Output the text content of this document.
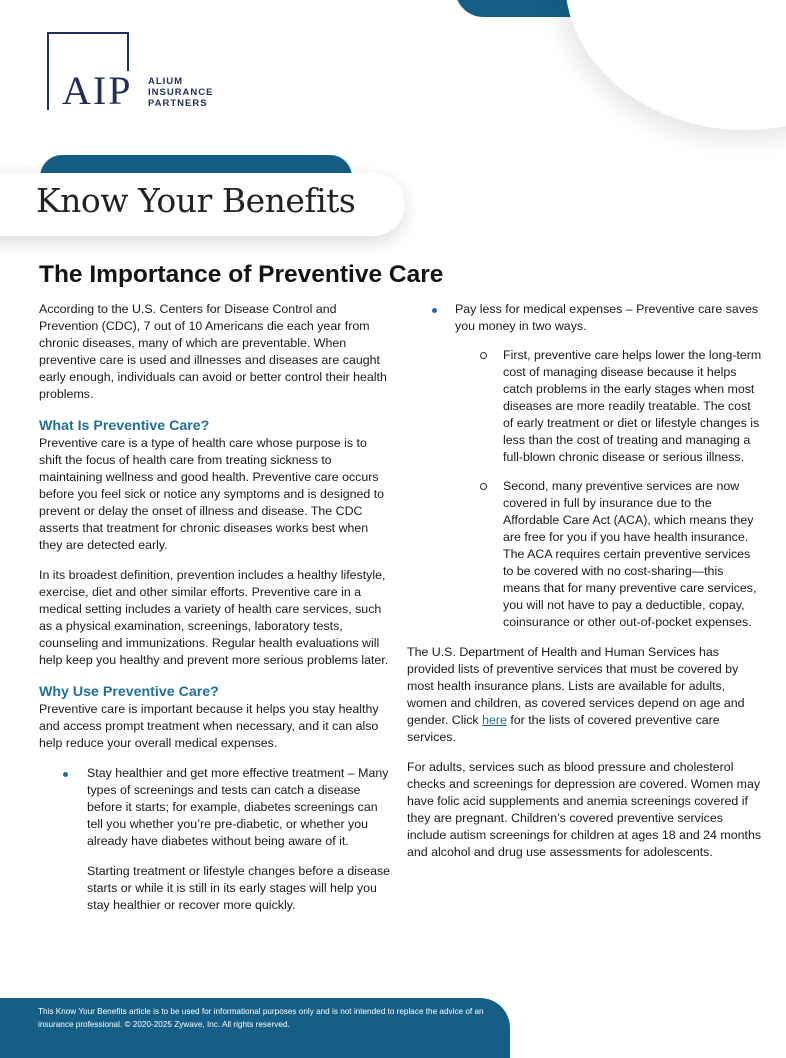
AIP	ALIUM
INSURANCE
PARTNERS
Know Your Benefits
The Importance of Preventive Care

According to the U.S. Centers for Disease Control and Prevention (CDC), 7 out of 10 Americans die each year from chronic diseases, many of which are preventable. When preventive care is used and illnesses and diseases are caught early enough, individuals can avoid or better control their health problems.

What Is Preventive Care?

Preventive care is a type of health care whose purpose is to shift the focus of health care from treating sickness to maintaining wellness and good health. Preventive care occurs before you feel sick or notice any symptoms and is designed to prevent or delay the onset of illness and disease. The CDC asserts that treatment for chronic diseases works best when they are detected early.

In its broadest definition, prevention includes a healthy lifestyle, exercise, diet and other similar efforts. Preventive care in a medical setting includes a variety of health care services, such as a physical examination, screenings, laboratory tests, counseling and immunizations. Regular health evaluations will help keep you healthy and prevent more serious problems later.

Why Use Preventive Care?

Preventive care is important because it helps you stay healthy and access prompt treatment when necessary, and it can also help reduce your overall medical expenses.

Stay healthier and get more effective treatment – Many types of screenings and tests can catch a disease before it starts; for example, diabetes screenings can tell you whether you’re pre-diabetic, or whether you already have diabetes without being aware of it.

Starting treatment or lifestyle changes before a disease starts or while it is still in its early stages will help you stay healthier or recover more quickly.

Pay less for medical expenses – Preventive care saves you money in two ways.

First, preventive care helps lower the long-term cost of managing disease because it helps catch problems in the early stages when most diseases are more readily treatable. The cost of early treatment or diet or lifestyle changes is less than the cost of treating and managing a full-blown chronic disease or serious illness.

Second, many preventive services are now covered in full by insurance due to the Affordable Care Act (ACA), which means they are free for you if you have health insurance. The ACA requires certain preventive services to be covered with no cost-sharing—this means that for many preventive care services, you will not have to pay a deductible, copay, coinsurance or other out-of-pocket expenses.

The U.S. Department of Health and Human Services has provided lists of preventive services that must be covered by most health insurance plans. Lists are available for adults, women and children, as covered services depend on age and gender. Click here for the lists of covered preventive care services.

For adults, services such as blood pressure and cholesterol checks and screenings for depression are covered. Women may have folic acid supplements and anemia screenings covered if they are pregnant. Children’s covered preventive services include autism screenings for children at ages 18 and 24 months and alcohol and drug use assessments for adolescents.

This Know Your Benefits article is to be used for informational purposes only and is not intended to replace the advice of an insurance professional. © 2020-2025 Zywave, Inc. All rights reserved.
